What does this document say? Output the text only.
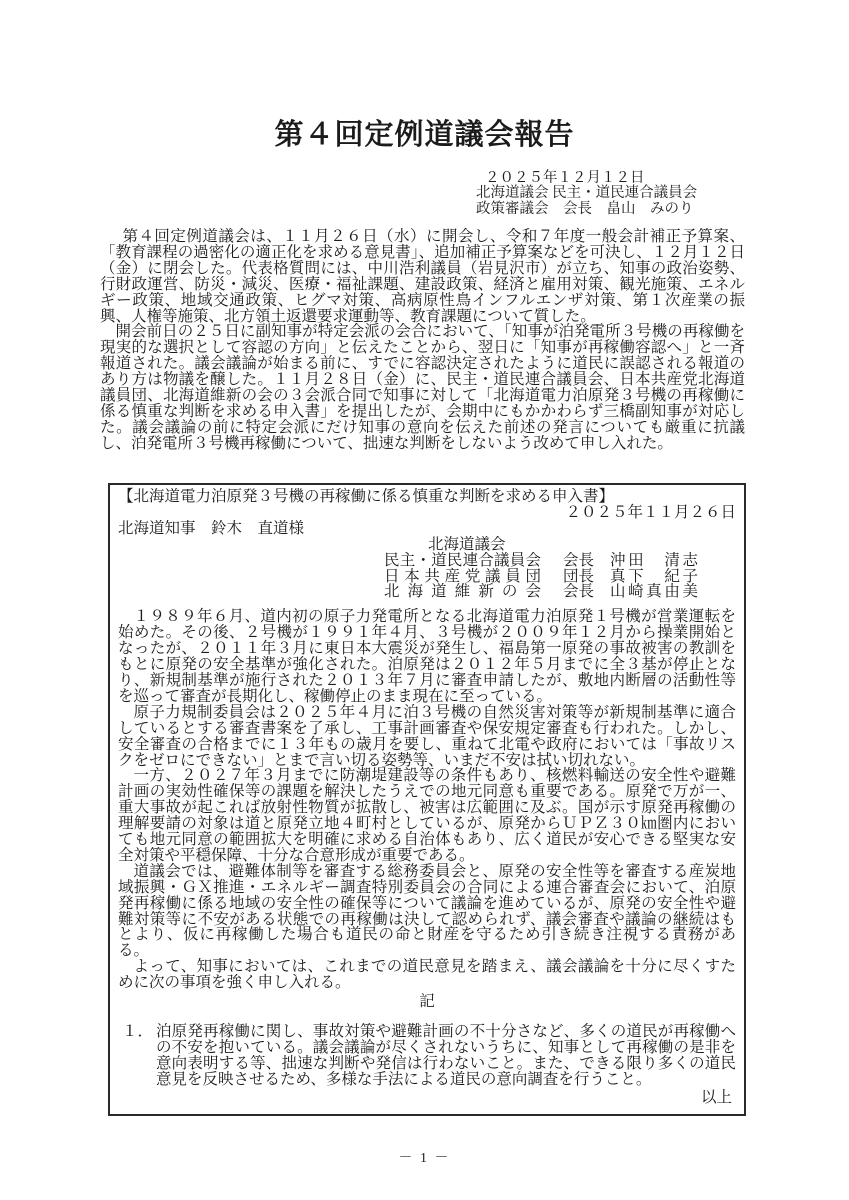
第４回定例道議会報告
２０２５年１２月１２日
北海道議会 民主・道民連合議員会
政策審議会　会長　畠山　みのり
第４回定例道議会は、１１月２６日（水）に開会し、令和７年度一般会計補正予算案、「教育課程の過密化の適正化を求める意見書」、追加補正予算案などを可決し、１２月１２日（金）に閉会した。代表格質問には、中川浩利議員（岩見沢市）が立ち、知事の政治姿勢、行財政運営、防災・減災、医療・福祉課題、建設政策、経済と雇用対策、観光施策、エネルギー政策、地域交通政策、ヒグマ対策、高病原性鳥インフルエンザ対策、第１次産業の振興、人権等施策、北方領土返還要求運動等、教育課題について質した。
開会前日の２５日に副知事が特定会派の会合において、「知事が泊発電所３号機の再稼働を現実的な選択として容認の方向」と伝えたことから、翌日に「知事が再稼働容認へ」と一斉報道された。議会議論が始まる前に、すでに容認決定されたように道民に誤認される報道のあり方は物議を醸した。１１月２８日（金）に、民主・道民連合議員会、日本共産党北海道議員団、北海道維新の会の３会派合同で知事に対して「北海道電力泊原発３号機の再稼働に係る慎重な判断を求める申入書」を提出したが、会期中にもかかわらず三橋副知事が対応した。議会議論の前に特定会派にだけ知事の意向を伝えた前述の発言についても厳重に抗議し、泊発電所３号機再稼働について、拙速な判断をしないよう改めて申し入れた。
【北海道電力泊原発３号機の再稼働に係る慎重な判断を求める申入書】
２０２５年１１月２６日
北海道知事　鈴木　直道様
北海道議会
民主・道民連合議員会 会長 沖田　清志
日本共産党議員団 団長 真下　紀子
北海道維新の会 会長 山崎真由美
１９８９年６月、道内初の原子力発電所となる北海道電力泊原発１号機が営業運転を始めた。その後、２号機が１９９１年４月、３号機が２００９年１２月から操業開始となったが、２０１１年３月に東日本大震災が発生し、福島第一原発の事故被害の教訓をもとに原発の安全基準が強化された。泊原発は２０１２年５月までに全３基が停止となり、新規制基準が施行された２０１３年７月に審査申請したが、敷地内断層の活動性等を巡って審査が長期化し、稼働停止のまま現在に至っている。
原子力規制委員会は２０２５年４月に泊３号機の自然災害対策等が新規制基準に適合しているとする審査書案を了承し、工事計画審査や保安規定審査も行われた。しかし、安全審査の合格までに１３年もの歳月を要し、重ねて北電や政府においては「事故リスクをゼロにできない」とまで言い切る姿勢等、いまだ不安は拭い切れない。
一方、２０２７年３月までに防潮堤建設等の条件もあり、核燃料輸送の安全性や避難計画の実効性確保等の課題を解決したうえでの地元同意も重要である。原発で万が一、重大事故が起これば放射性物質が拡散し、被害は広範囲に及ぶ。国が示す原発再稼働の理解要請の対象は道と原発立地４町村としているが、原発からＵＰＺ３０㎞圏内においても地元同意の範囲拡大を明確に求める自治体もあり、広く道民が安心できる堅実な安全対策や平穏保障、十分な合意形成が重要である。
道議会では、避難体制等を審査する総務委員会と、原発の安全性等を審査する産炭地域振興・ＧＸ推進・エネルギー調査特別委員会の合同による連合審査会において、泊原発再稼働に係る地域の安全性の確保等について議論を進めているが、原発の安全性や避難対策等に不安がある状態での再稼働は決して認められず、議会審査や議論の継続はもとより、仮に再稼働した場合も道民の命と財産を守るため引き続き注視する責務がある。
よって、知事においては、これまでの道民意見を踏まえ、議会議論を十分に尽くすために次の事項を強く申し入れる。
記
１． 泊原発再稼働に関し、事故対策や避難計画の不十分さなど、多くの道民が再稼働への不安を抱いている。議会議論が尽くされないうちに、知事として再稼働の是非を意向表明する等、拙速な判断や発信は行わないこと。また、できる限り多くの道民意見を反映させるため、多様な手法による道民の意向調査を行うこと。
以上
－ 1 －
